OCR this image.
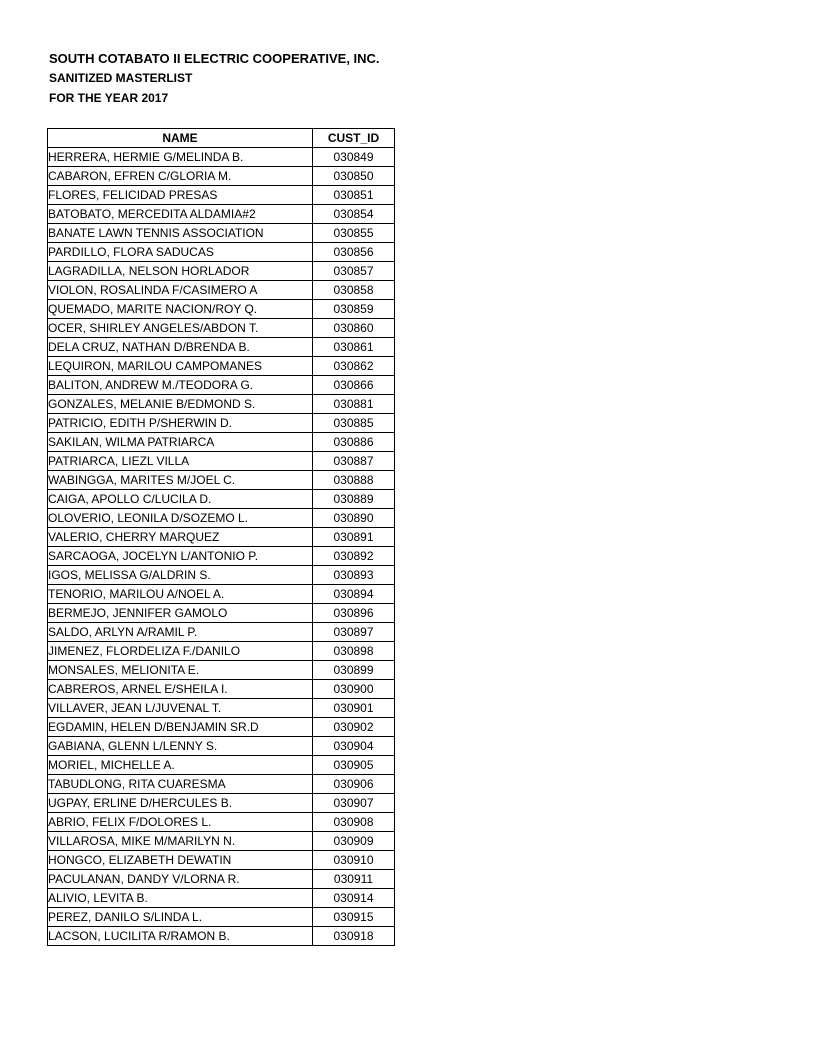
SOUTH COTABATO II ELECTRIC COOPERATIVE, INC.
SANITIZED MASTERLIST
FOR THE YEAR 2017
NAME	CUST_ID
HERRERA, HERMIE G/MELINDA B.	030849
CABARON, EFREN C/GLORIA M.	030850
FLORES, FELICIDAD PRESAS	030851
BATOBATO, MERCEDITA ALDAMIA#2	030854
BANATE LAWN TENNIS ASSOCIATION	030855
PARDILLO, FLORA SADUCAS	030856
LAGRADILLA, NELSON HORLADOR	030857
VIOLON, ROSALINDA F/CASIMERO A	030858
QUEMADO, MARITE NACION/ROY Q.	030859
OCER, SHIRLEY ANGELES/ABDON T.	030860
DELA CRUZ, NATHAN D/BRENDA B.	030861
LEQUIRON, MARILOU CAMPOMANES	030862
BALITON, ANDREW M./TEODORA G.	030866
GONZALES, MELANIE B/EDMOND S.	030881
PATRICIO, EDITH P/SHERWIN D.	030885
SAKILAN, WILMA PATRIARCA	030886
PATRIARCA, LIEZL VILLA	030887
WABINGGA, MARITES M/JOEL C.	030888
CAIGA, APOLLO C/LUCILA D.	030889
OLOVERIO, LEONILA D/SOZEMO L.	030890
VALERIO, CHERRY MARQUEZ	030891
SARCAOGA, JOCELYN L/ANTONIO P.	030892
IGOS, MELISSA G/ALDRIN S.	030893
TENORIO, MARILOU A/NOEL A.	030894
BERMEJO, JENNIFER GAMOLO	030896
SALDO, ARLYN A/RAMIL P.	030897
JIMENEZ, FLORDELIZA F./DANILO	030898
MONSALES, MELIONITA E.	030899
CABREROS, ARNEL E/SHEILA I.	030900
VILLAVER, JEAN L/JUVENAL T.	030901
EGDAMIN, HELEN D/BENJAMIN SR.D	030902
GABIANA, GLENN L/LENNY S.	030904
MORIEL, MICHELLE A.	030905
TABUDLONG, RITA CUARESMA	030906
UGPAY, ERLINE D/HERCULES B.	030907
ABRIO, FELIX F/DOLORES L.	030908
VILLAROSA, MIKE M/MARILYN N.	030909
HONGCO, ELIZABETH DEWATIN	030910
PACULANAN, DANDY V/LORNA R.	030911
ALIVIO, LEVITA B.	030914
PEREZ, DANILO S/LINDA L.	030915
LACSON, LUCILITA R/RAMON B.	030918
